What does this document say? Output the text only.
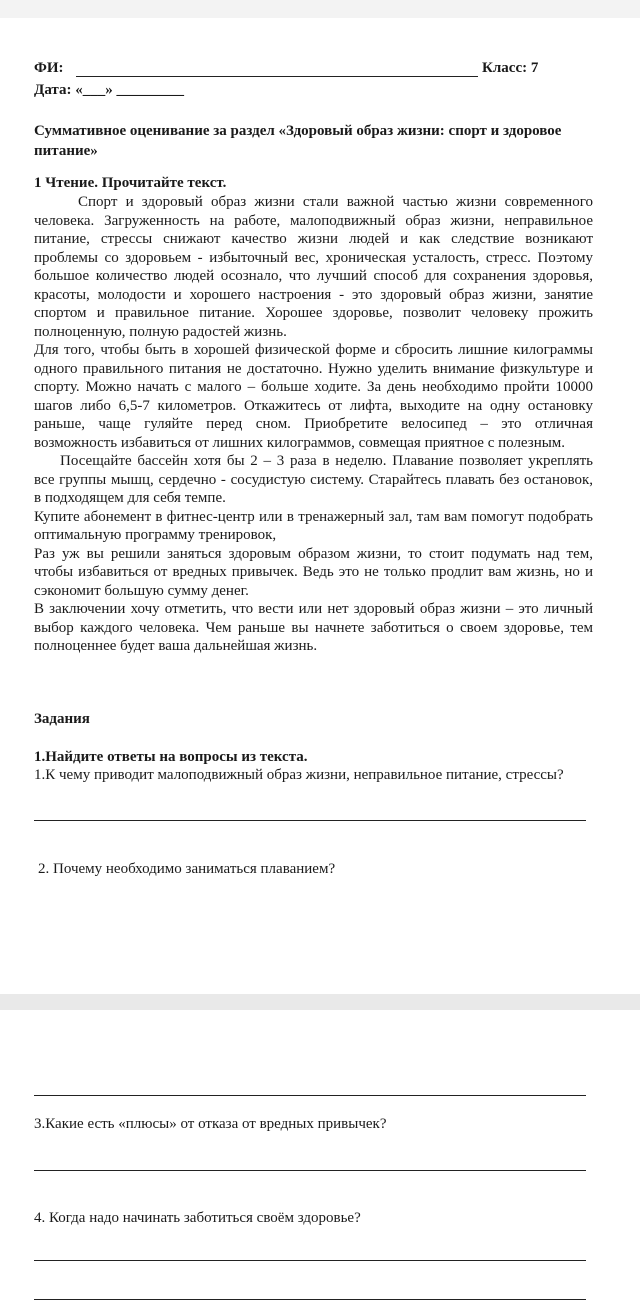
ФИ:	Класс: 7
Дата: «___» _________
Суммативное оценивание за раздел «Здоровый образ жизни: спорт и здоровое питание»
1 Чтение. Прочитайте текст.

Спорт и здоровый образ жизни стали важной частью жизни современного человека. Загруженность на работе, малоподвижный образ жизни, неправильное питание, стрессы снижают качество жизни людей и как следствие возникают проблемы со здоровьем - избыточный вес, хроническая усталость, стресс. Поэтому большое количество людей осознало, что лучший способ для сохранения здоровья, красоты, молодости и хорошего настроения - это здоровый образ жизни, занятие спортом и правильное питание. Хорошее здоровье, позволит человеку прожить полноценную, полную радостей жизнь.

Для того, чтобы быть в хорошей физической форме и сбросить лишние килограммы одного правильного питания не достаточно. Нужно уделить внимание физкультуре и спорту. Можно начать с малого – больше ходите. За день необходимо пройти 10000 шагов либо 6,5-7 километров. Откажитесь от лифта, выходите на одну остановку раньше, чаще гуляйте перед сном. Приобретите велосипед – это отличная возможность избавиться от лишних килограммов, совмещая приятное с полезным.

Посещайте бассейн хотя бы 2 – 3 раза в неделю. Плавание позволяет укреплять все группы мышц, сердечно - сосудистую систему. Старайтесь плавать без остановок, в подходящем для себя темпе.

Купите абонемент в фитнес-центр или в тренажерный зал, там вам помогут подобрать оптимальную программу тренировок,

Раз уж вы решили заняться здоровым образом жизни, то стоит подумать над тем, чтобы избавиться от вредных привычек. Ведь это не только продлит вам жизнь, но и сэкономит большую сумму денег.

В заключении хочу отметить, что вести или нет здоровый образ жизни – это личный выбор каждого человека. Чем раньше вы начнете заботиться о своем здоровье, тем полноценнее будет ваша дальнейшая жизнь.

Задания
1.Найдите ответы на вопросы из текста.
1.К чему приводит малоподвижный образ жизни, неправильное питание, стрессы?
2. Почему необходимо заниматься плаванием?
3.Какие есть «плюсы» от отказа от вредных привычек?
4. Когда надо начинать заботиться своём здоровье?
